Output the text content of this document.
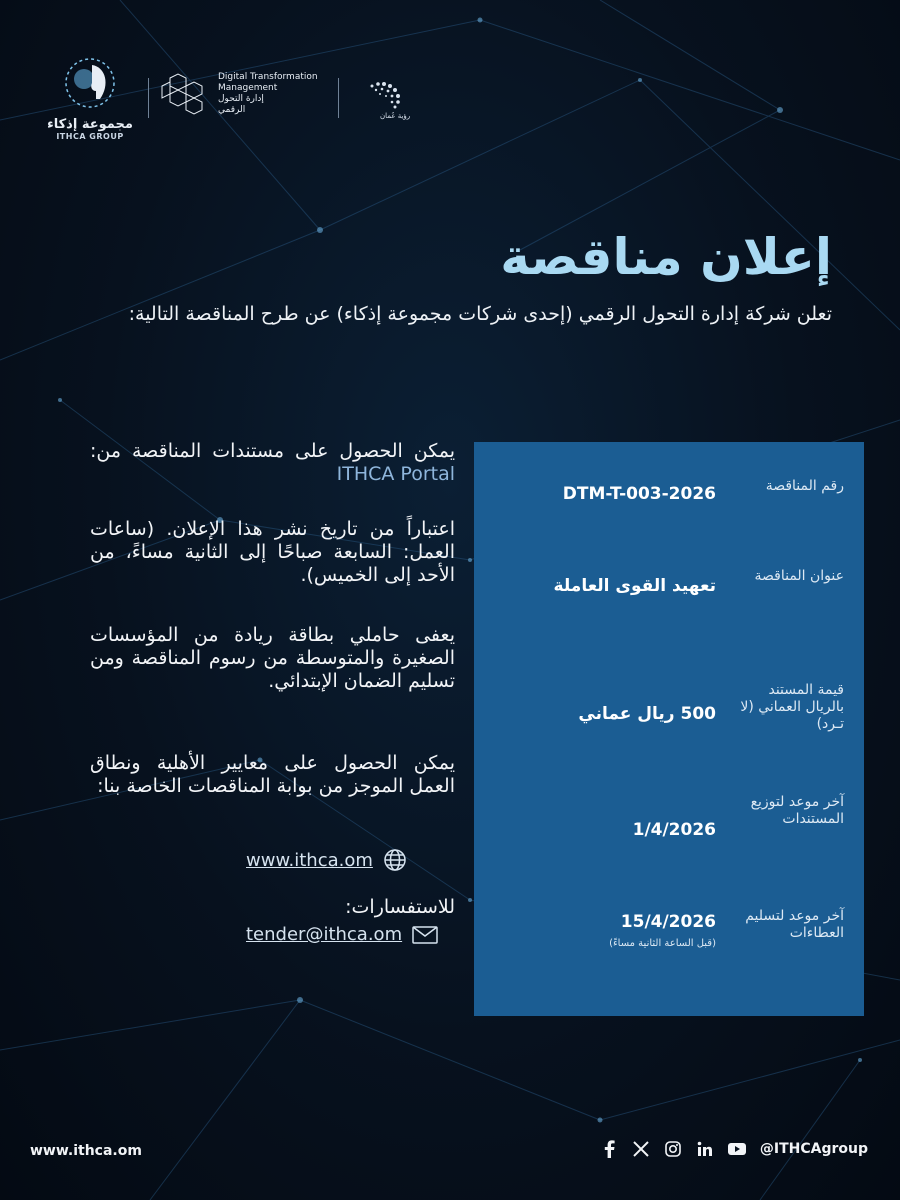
مجموعة إذكاء
ITHCA GROUP
Digital Transformation
Management
إدارة التحول
الرقمي
رؤية عُمان
إعلان مناقصة

تعلن شركة إدارة التحول الرقمي (إحدى شركات مجموعة إذكاء) عن طرح المناقصة التالية:

رقم المناقصة
DTM-T-003-2026
عنوان المناقصة
تعهيد القوى العاملة
قيمة المستند بالريال العماني (لا تـرد)
500 ريال عماني
آخر موعد لتوزيع المستندات
1/4/2026
آخر موعد لتسليم العطاءات
15/4/2026
(قبل الساعة الثانية مساءً)

يمكن الحصول على مستندات المناقصة من: ITHCA Portal

اعتباراً من تاريخ نشر هذا الإعلان. (ساعات العمل: السابعة صباحًا إلى الثانية مساءً، من الأحد إلى الخميس).

يعفى حاملي بطاقة ريادة من المؤسسات الصغيرة والمتوسطة من رسوم المناقصة ومن تسليم الضمان الإبتدائي.

يمكن الحصول على معايير الأهلية ونطاق العمل الموجز من بوابة المناقصات الخاصة بنا:

www.ithca.om
للاستفسارات:
tender@ithca.om
www.ithca.om	@ITHCAgroup
